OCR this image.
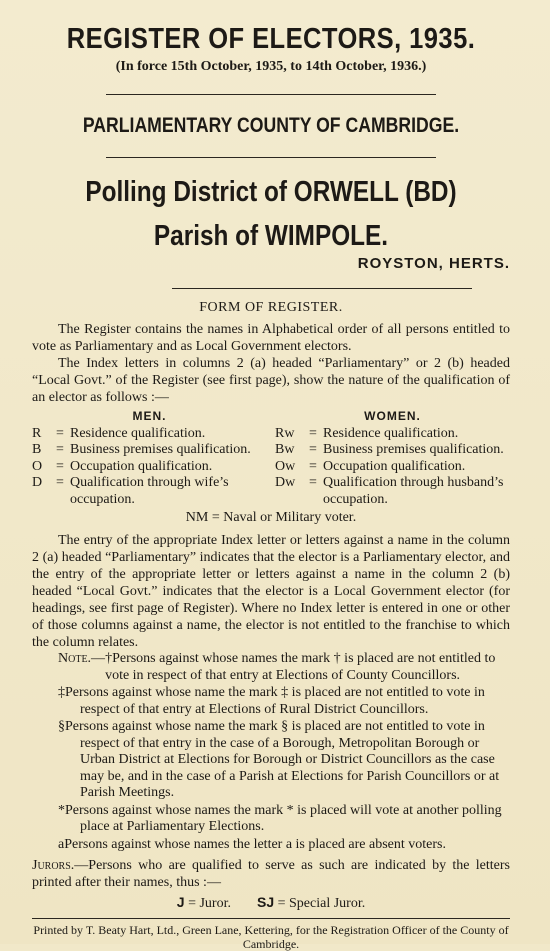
REGISTER OF ELECTORS, 1935.
(In force 15th October, 1935, to 14th October, 1936.)
PARLIAMENTARY COUNTY OF CAMBRIDGE.
Polling District of ORWELL (BD)
Parish of WIMPOLE.
ROYSTON, HERTS.
FORM OF REGISTER.

The Register contains the names in Alphabetical order of all persons entitled to vote as Parliamentary and as Local Government electors.

The Index letters in columns 2 (a) headed “Parliamentary” or 2 (b) headed “Local Govt.” of the Register (see first page), show the nature of the qualification of an elector as follows :—

MEN.
R	= Residence qualification.
B	= Business premises qualification.
O = Occupation qualification.
D = Qualification through wife’s occupation.
WOMEN.
Rw	= Residence qualification.
Bw	= Business premises qualification.
Ow = Occupation qualification.
Dw = Qualification through husband’s occupation.
NM = Naval or Military voter.

The entry of the appropriate Index letter or letters against a name in the column 2 (a) headed “Parliamentary” indicates that the elector is a Parliamentary elector, and the entry of the appropriate letter or letters against a name in the column 2 (b) headed “Local Govt.” indicates that the elector is a Local Government elector (for headings, see first page of Register). Where no Index letter is entered in one or other of those columns against a name, the elector is not entitled to the franchise to which the column relates.

Note.— †Persons against whose names the mark † is placed are not entitled to vote in respect of that entry at Elections of County Councillors.
‡Persons against whose name the mark ‡ is placed are not entitled to vote in respect of that entry at Elections of Rural District Councillors.
§Persons against whose name the mark § is placed are not entitled to vote in respect of that entry in the case of a Borough, Metropolitan Borough or Urban District at Elections for Borough or District Councillors as the case may be, and in the case of a Parish at Elections for Parish Councillors or at Parish Meetings.
*Persons against whose names the mark * is placed will vote at another polling place at Parliamentary Elections.
aPersons against whose names the letter a is placed are absent voters.

Jurors.—Persons who are qualified to serve as such are indicated by the letters printed after their names, thus :—

J = Juror. SJ = Special Juror.
Printed by T. Beaty Hart, Ltd., Green Lane, Kettering, for the Registration Officer of the County of Cambridge.
